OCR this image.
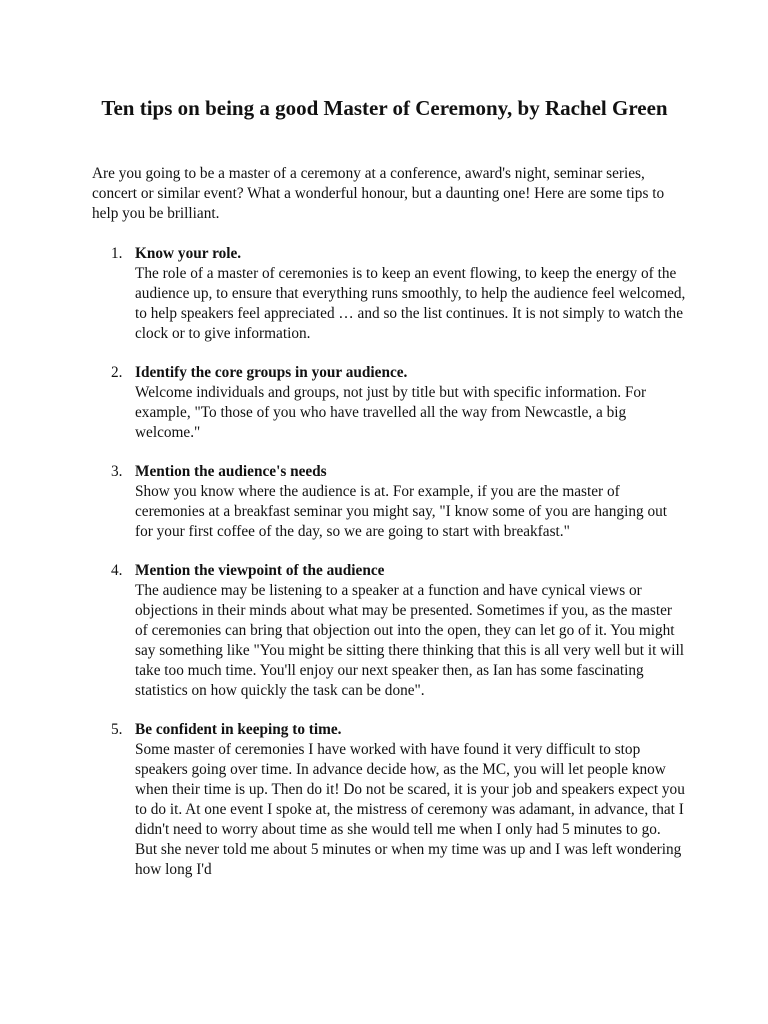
Ten tips on being a good Master of Ceremony, by Rachel Green

Are you going to be a master of a ceremony at a conference, award's night, seminar series, concert or similar event? What a wonderful honour, but a daunting one! Here are some tips to help you be brilliant.

1. Know your role.
The role of a master of ceremonies is to keep an event flowing, to keep the energy of the audience up, to ensure that everything runs smoothly, to help the audience feel welcomed, to help speakers feel appreciated … and so the list continues. It is not simply to watch the clock or to give information.
2. Identify the core groups in your audience.
Welcome individuals and groups, not just by title but with specific information. For example, "To those of you who have travelled all the way from Newcastle, a big welcome."
3. Mention the audience's needs
Show you know where the audience is at. For example, if you are the master of ceremonies at a breakfast seminar you might say, "I know some of you are hanging out for your first coffee of the day, so we are going to start with breakfast."
4. Mention the viewpoint of the audience
The audience may be listening to a speaker at a function and have cynical views or objections in their minds about what may be presented. Sometimes if you, as the master of ceremonies can bring that objection out into the open, they can let go of it. You might say something like "You might be sitting there thinking that this is all very well but it will take too much time. You'll enjoy our next speaker then, as Ian has some fascinating statistics on how quickly the task can be done".
5. Be confident in keeping to time.
Some master of ceremonies I have worked with have found it very difficult to stop speakers going over time. In advance decide how, as the MC, you will let people know when their time is up. Then do it! Do not be scared, it is your job and speakers expect you to do it. At one event I spoke at, the mistress of ceremony was adamant, in advance, that I didn't need to worry about time as she would tell me when I only had 5 minutes to go. But she never told me about 5 minutes or when my time was up and I was left wondering how long I'd
